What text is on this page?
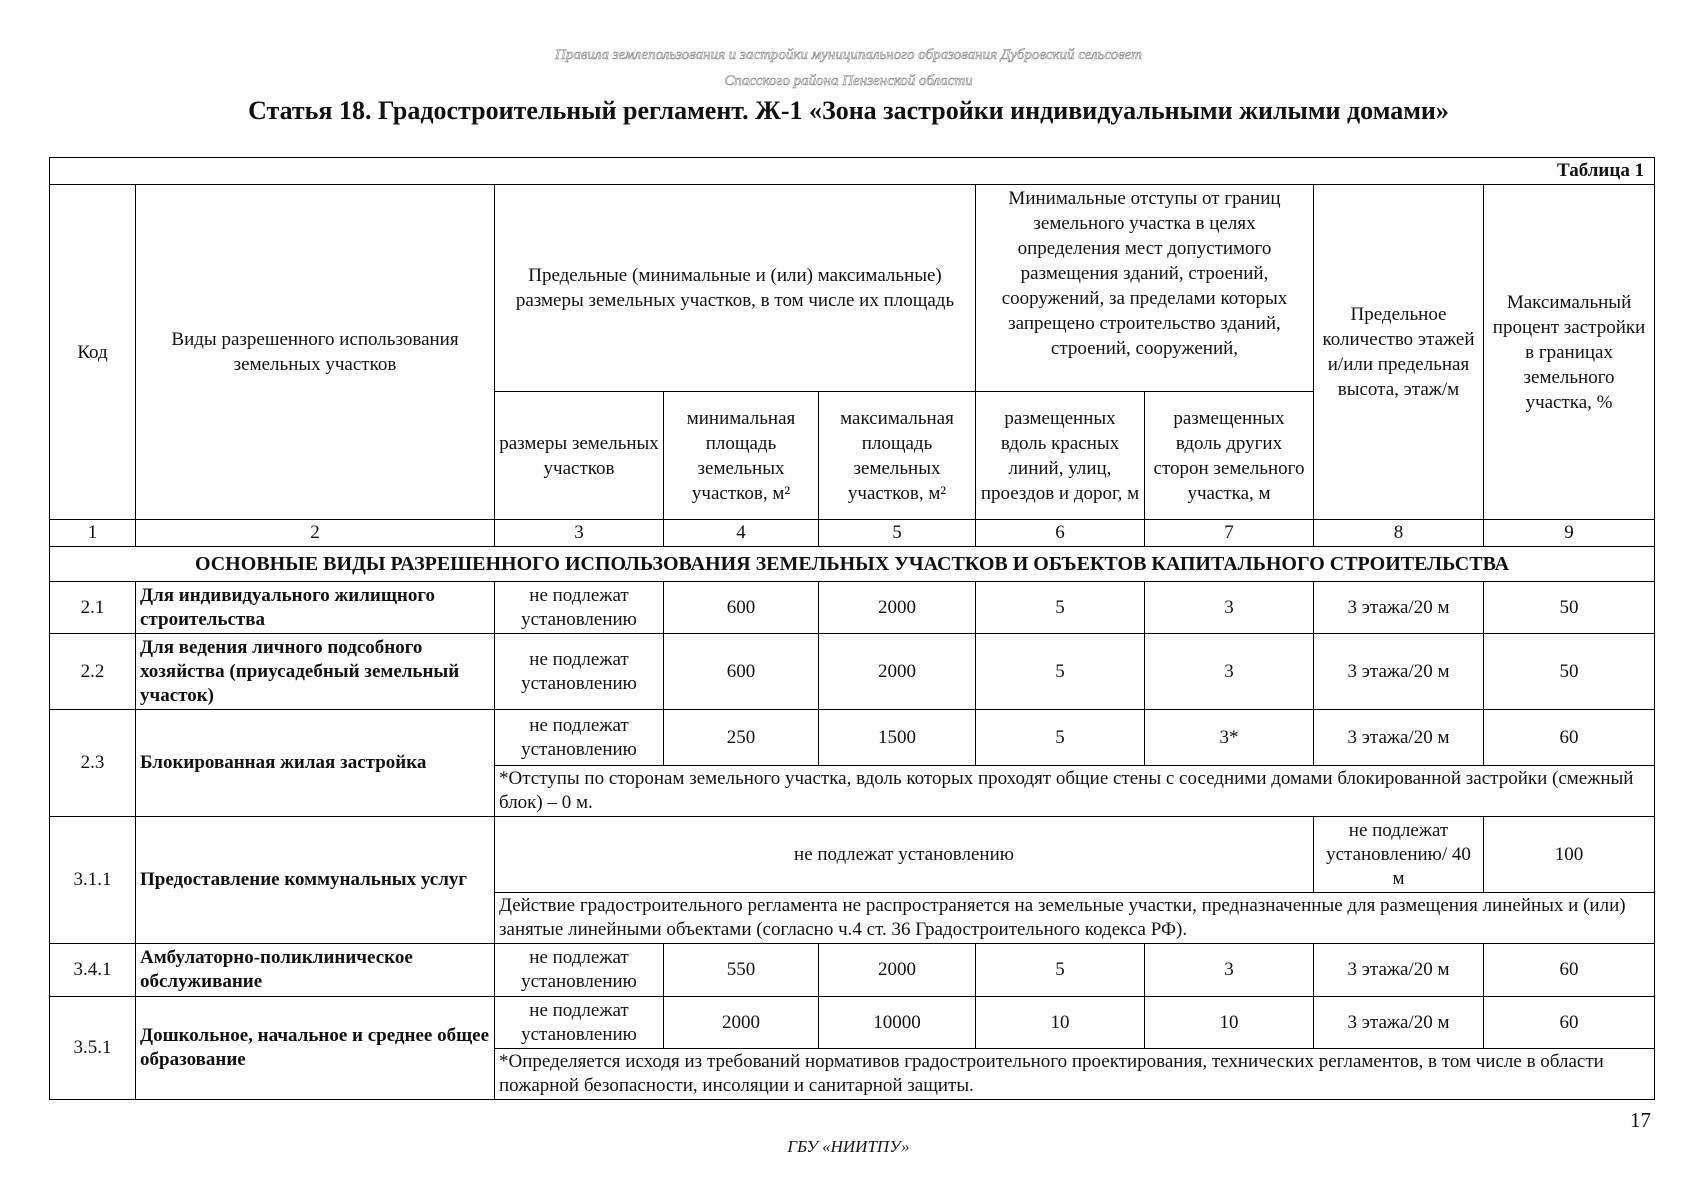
Правила землепользования и застройки муниципального образования Дубровский сельсовет
Спасского района Пензенской области
Статья 18. Градостроительный регламент. Ж-1 «Зона застройки индивидуальными жилыми домами»
Таблица 1								
Код	Виды разрешенного использования земельных участков	Предельные (минимальные и (или) максимальные) размеры земельных участков, в том числе их площадь			Минимальные отступы от границ земельного участка в целях определения мест допустимого размещения зданий, строений, сооружений, за пределами которых запрещено строительство зданий, строений, сооружений,		Предельное количество этажей и/или предельная высота, этаж/м	Максимальный процент застройки в границах земельного участка, %
		размеры земельных участков	минимальная площадь земельных участков, м²	максимальная площадь земельных участков, м²	размещенных вдоль красных линий, улиц, проездов и дорог, м	размещенных вдоль других сторон земельного участка, м		
1	2	3	4	5	6	7	8	9
ОСНОВНЫЕ ВИДЫ РАЗРЕШЕННОГО ИСПОЛЬЗОВАНИЯ ЗЕМЕЛЬНЫХ УЧАСТКОВ И ОБЪЕКТОВ КАПИТАЛЬНОГО СТРОИТЕЛЬСТВА								
2.1	Для индивидуального жилищного строительства	не подлежат установлению	600	2000	5	3	3 этажа/20 м	50
2.2	Для ведения личного подсобного хозяйства (приусадебный земельный участок)	не подлежат установлению	600	2000	5	3	3 этажа/20 м	50
2.3	Блокированная жилая застройка	не подлежат установлению	250	1500	5	3*	3 этажа/20 м	60
		*Отступы по сторонам земельного участка, вдоль которых проходят общие стены с соседними домами блокированной застройки (смежный блок) – 0 м.						
3.1.1	Предоставление коммунальных услуг	не подлежат установлению					не подлежат установлению/ 40 м	100
		Действие градостроительного регламента не распространяется на земельные участки, предназначенные для размещения линейных и (или) занятые линейными объектами (согласно ч.4 ст. 36 Градостроительного кодекса РФ).						
3.4.1	Амбулаторно-поликлиническое обслуживание	не подлежат установлению	550	2000	5	3	3 этажа/20 м	60
3.5.1	Дошкольное, начальное и среднее общее образование	не подлежат установлению	2000	10000	10	10	3 этажа/20 м	60
		*Определяется исходя из требований нормативов градостроительного проектирования, технических регламентов, в том числе в области пожарной безопасности, инсоляции и санитарной защиты.						
17
ГБУ «НИИТПУ»
